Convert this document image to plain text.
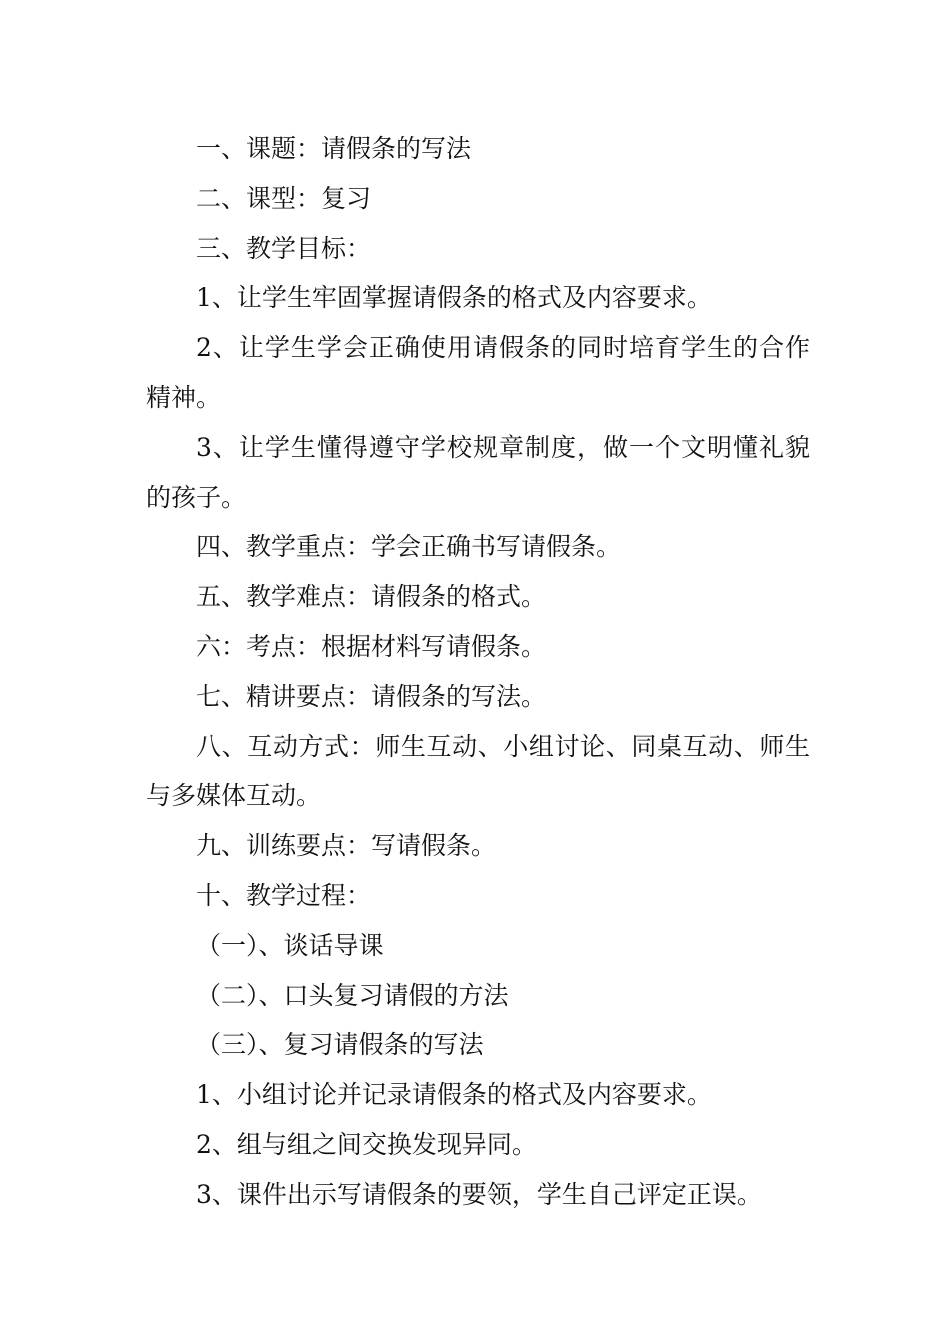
一、课题：请假条的写法

二、课型：复习

三、教学目标：

1、让学生牢固掌握请假条的格式及内容要求。

2、让学生学会正确使用请假条的同时培育学生的合作精神。

3、让学生懂得遵守学校规章制度，做一个文明懂礼貌的孩子。

四、教学重点：学会正确书写请假条。

五、教学难点：请假条的格式。

六：考点：根据材料写请假条。

七、精讲要点：请假条的写法。

八、互动方式：师生互动、小组讨论、同桌互动、师生与多媒体互动。

九、训练要点：写请假条。

十、教学过程：

（一）、谈话导课

（二）、口头复习请假的方法

（三）、复习请假条的写法

1、小组讨论并记录请假条的格式及内容要求。

2、组与组之间交换发现异同。

3、课件出示写请假条的要领，学生自己评定正误。
